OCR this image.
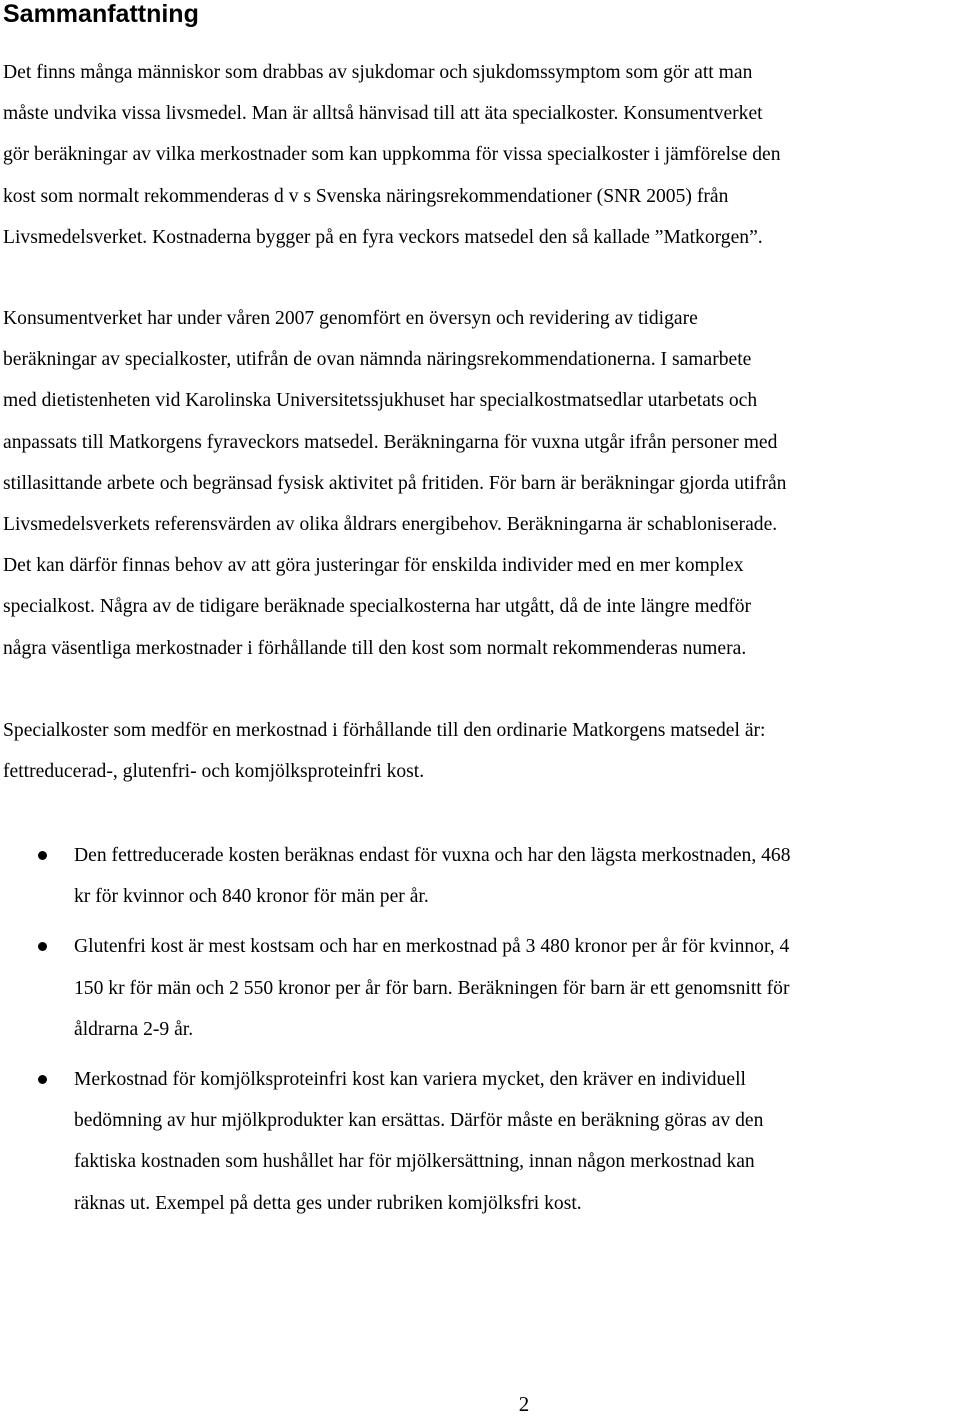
Sammanfattning

Det finns många människor som drabbas av sjukdomar och sjukdomssymptom som gör att man
måste undvika vissa livsmedel. Man är alltså hänvisad till att äta specialkoster. Konsumentverket
gör beräkningar av vilka merkostnader som kan uppkomma för vissa specialkoster i jämförelse den
kost som normalt rekommenderas d v s Svenska näringsrekommendationer (SNR 2005) från
Livsmedelsverket. Kostnaderna bygger på en fyra veckors matsedel den så kallade ”Matkorgen”.

Konsumentverket har under våren 2007 genomfört en översyn och revidering av tidigare
beräkningar av specialkoster, utifrån de ovan nämnda näringsrekommendationerna. I samarbete
med dietistenheten vid Karolinska Universitetssjukhuset har specialkostmatsedlar utarbetats och
anpassats till Matkorgens fyraveckors matsedel. Beräkningarna för vuxna utgår ifrån personer med
stillasittande arbete och begränsad fysisk aktivitet på fritiden. För barn är beräkningar gjorda utifrån
Livsmedelsverkets referensvärden av olika åldrars energibehov. Beräkningarna är schabloniserade.
Det kan därför finnas behov av att göra justeringar för enskilda individer med en mer komplex
specialkost. Några av de tidigare beräknade specialkosterna har utgått, då de inte längre medför
några väsentliga merkostnader i förhållande till den kost som normalt rekommenderas numera.

Specialkoster som medför en merkostnad i förhållande till den ordinarie Matkorgens matsedel är:
fettreducerad-, glutenfri- och komjölksproteinfri kost.

Den fettreducerade kosten beräknas endast för vuxna och har den lägsta merkostnaden, 468
kr för kvinnor och 840 kronor för män per år.
Glutenfri kost är mest kostsam och har en merkostnad på 3 480 kronor per år för kvinnor, 4
150 kr för män och 2 550 kronor per år för barn. Beräkningen för barn är ett genomsnitt för
åldrarna 2-9 år.
Merkostnad för komjölksproteinfri kost kan variera mycket, den kräver en individuell
bedömning av hur mjölkprodukter kan ersättas. Därför måste en beräkning göras av den
faktiska kostnaden som hushållet har för mjölkersättning, innan någon merkostnad kan
räknas ut. Exempel på detta ges under rubriken komjölksfri kost.

2
